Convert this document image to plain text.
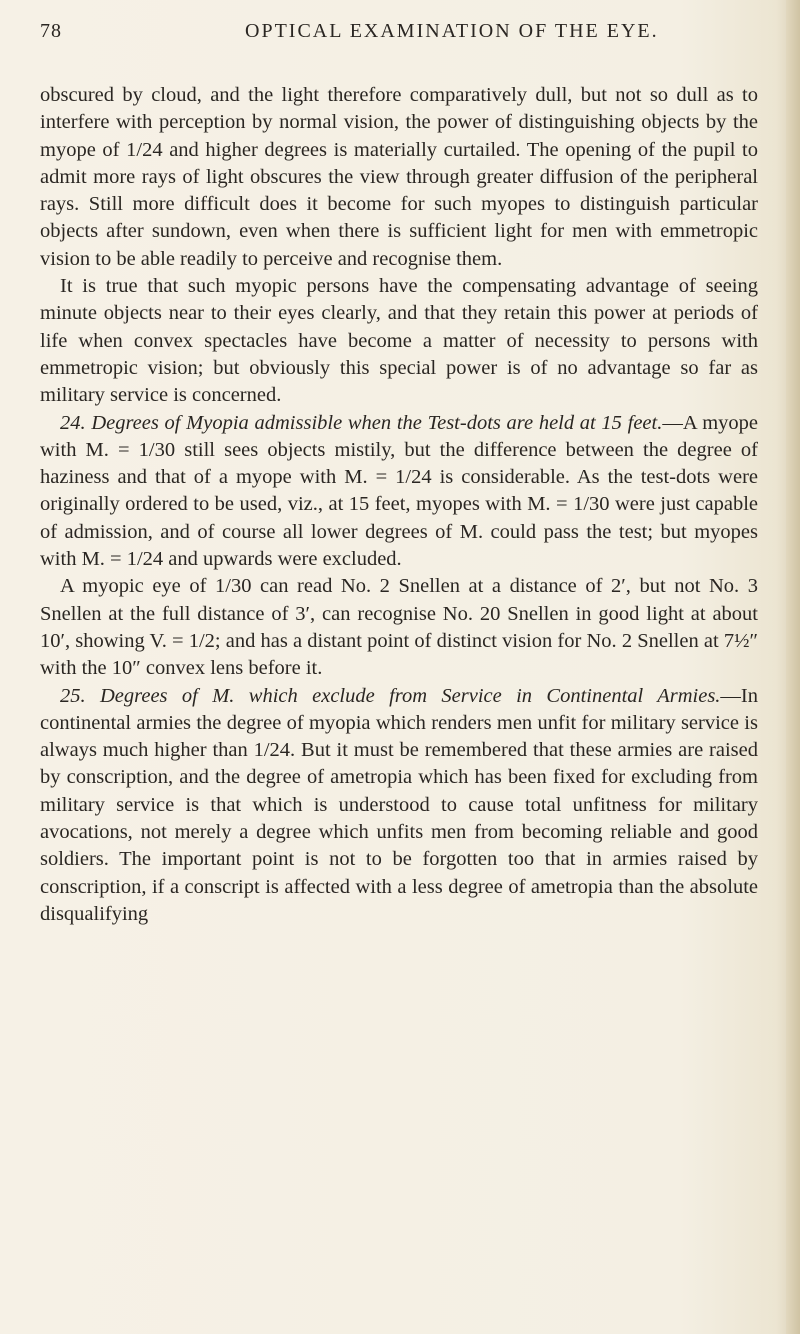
78	OPTICAL EXAMINATION OF THE EYE.

obscured by cloud, and the light therefore comparatively dull, but not so dull as to interfere with perception by normal vision, the power of distinguishing objects by the myope of 1/24 and higher degrees is materially curtailed. The opening of the pupil to admit more rays of light obscures the view through greater diffusion of the peripheral rays. Still more difficult does it become for such myopes to distinguish particular objects after sundown, even when there is sufficient light for men with emmetropic vision to be able readily to perceive and recognise them.

It is true that such myopic persons have the compensating advantage of seeing minute objects near to their eyes clearly, and that they retain this power at periods of life when convex spectacles have become a matter of necessity to persons with emmetropic vision; but obviously this special power is of no advantage so far as military service is concerned.

24. Degrees of Myopia admissible when the Test-dots are held at 15 feet.—A myope with M. = 1/30 still sees objects mistily, but the difference between the degree of haziness and that of a myope with M. = 1/24 is considerable. As the test-dots were originally ordered to be used, viz., at 15 feet, myopes with M. = 1/30 were just capable of admission, and of course all lower degrees of M. could pass the test; but myopes with M. = 1/24 and upwards were excluded.

A myopic eye of 1/30 can read No. 2 Snellen at a distance of 2′, but not No. 3 Snellen at the full distance of 3′, can recognise No. 20 Snellen in good light at about 10′, showing V. = 1/2; and has a distant point of distinct vision for No. 2 Snellen at 7½″ with the 10″ convex lens before it.

25. Degrees of M. which exclude from Service in Continental Armies.—In continental armies the degree of myopia which renders men unfit for military service is always much higher than 1/24. But it must be remembered that these armies are raised by conscription, and the degree of ametropia which has been fixed for excluding from military service is that which is understood to cause total unfitness for military avocations, not merely a degree which unfits men from becoming reliable and good soldiers. The important point is not to be forgotten too that in armies raised by conscription, if a conscript is affected with a less degree of ametropia than the absolute disqualifying
